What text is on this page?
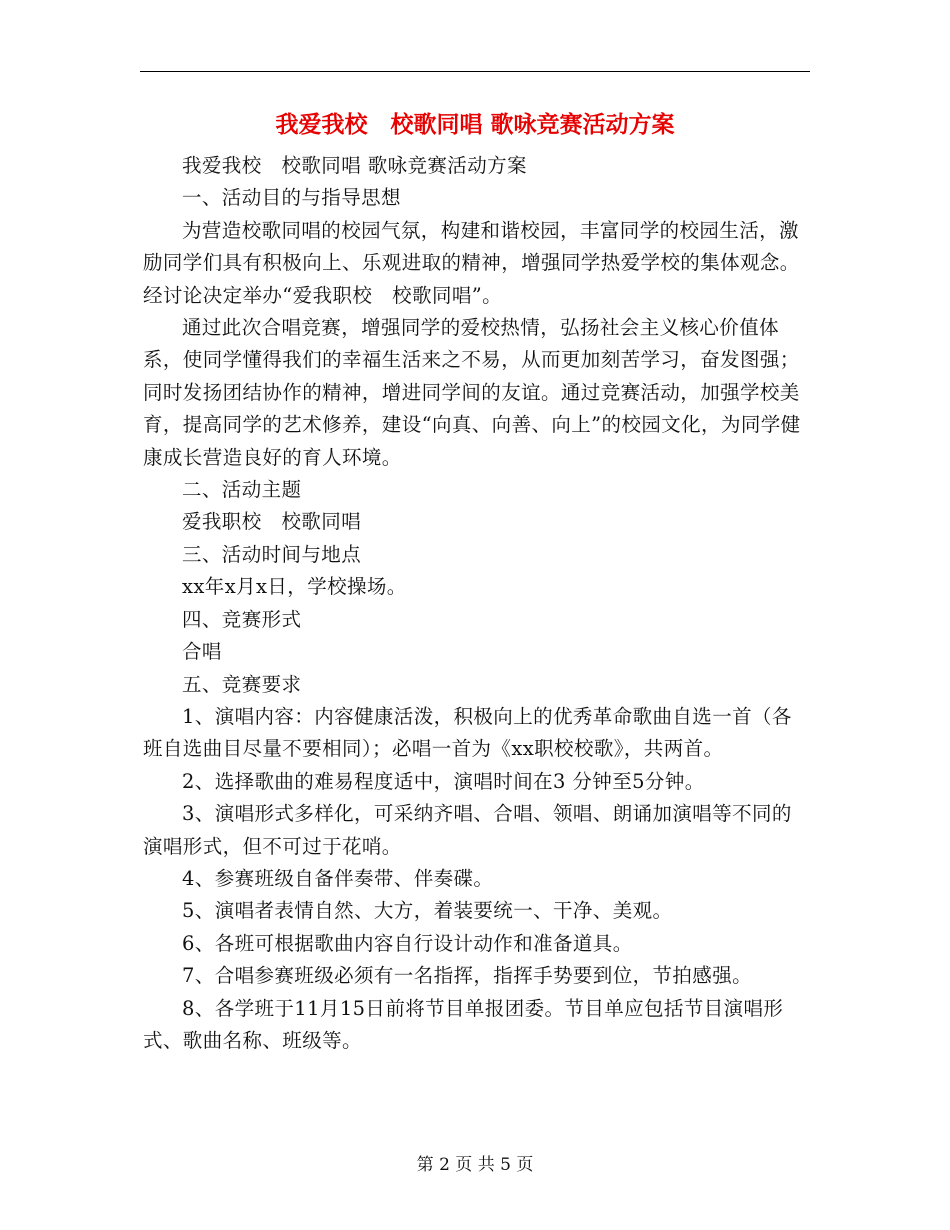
我爱我校　校歌同唱 歌咏竞赛活动方案

我爱我校　校歌同唱 歌咏竞赛活动方案

一、活动目的与指导思想

为营造校歌同唱的校园气氛，构建和谐校园，丰富同学的校园生活，激励同学们具有积极向上、乐观进取的精神，增强同学热爱学校的集体观念。经讨论决定举办“爱我职校　校歌同唱”。

通过此次合唱竞赛，增强同学的爱校热情，弘扬社会主义核心价值体系，使同学懂得我们的幸福生活来之不易，从而更加刻苦学习，奋发图强；同时发扬团结协作的精神，增进同学间的友谊。通过竞赛活动，加强学校美育，提高同学的艺术修养，建设“向真、向善、向上”的校园文化，为同学健康成长营造良好的育人环境。

二、活动主题

爱我职校　校歌同唱

三、活动时间与地点

xx年x月x日，学校操场。

四、竞赛形式

合唱

五、竞赛要求

1、演唱内容：内容健康活泼，积极向上的优秀革命歌曲自选一首（各班自选曲目尽量不要相同）；必唱一首为《xx职校校歌》，共两首。

2、选择歌曲的难易程度适中，演唱时间在3 分钟至5分钟。

3、演唱形式多样化，可采纳齐唱、合唱、领唱、朗诵加演唱等不同的演唱形式，但不可过于花哨。

4、参赛班级自备伴奏带、伴奏碟。

5、演唱者表情自然、大方，着装要统一、干净、美观。

6、各班可根据歌曲内容自行设计动作和准备道具。

7、合唱参赛班级必须有一名指挥，指挥手势要到位，节拍感强。

8、各学班于11月15日前将节目单报团委。节目单应包括节目演唱形式、歌曲名称、班级等。

第 2 页 共 5 页
